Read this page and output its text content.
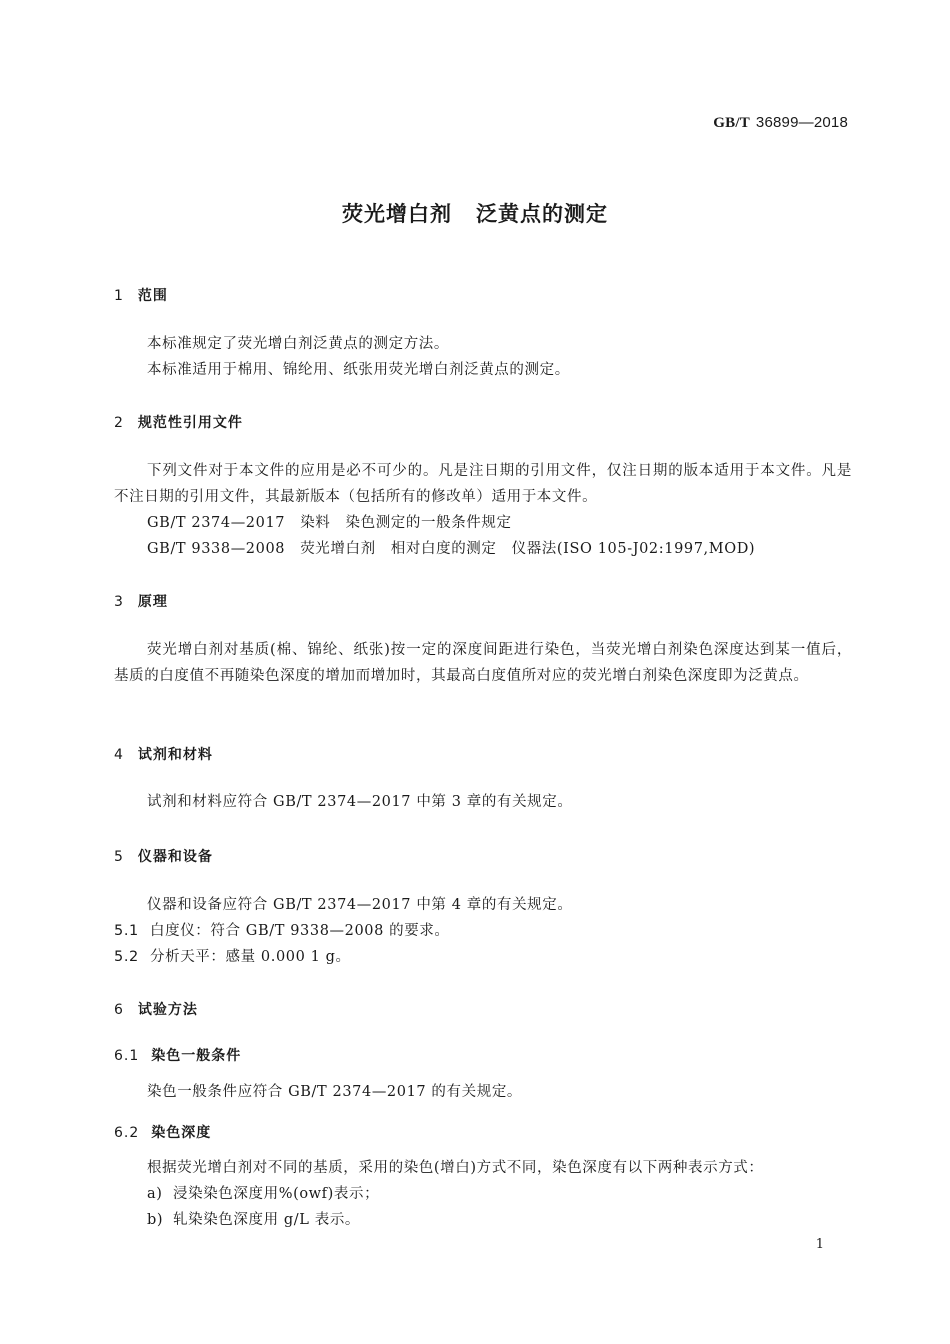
GB/T 36899—2018
荧光增白剂 泛黄点的测定
1 范围
本标准规定了荧光增白剂泛黄点的测定方法。
本标准适用于棉用、锦纶用、纸张用荧光增白剂泛黄点的测定。
2 规范性引用文件
下列文件对于本文件的应用是必不可少的。凡是注日期的引用文件，仅注日期的版本适用于本文件。凡是不注日期的引用文件，其最新版本（包括所有的修改单）适用于本文件。
GB/T 2374—2017　染料　染色测定的一般条件规定
GB/T 9338—2008　荧光增白剂　相对白度的测定　仪器法(ISO 105-J02:1997,MOD)
3 原理
荧光增白剂对基质(棉、锦纶、纸张)按一定的深度间距进行染色，当荧光增白剂染色深度达到某一值后，基质的白度值不再随染色深度的增加而增加时，其最高白度值所对应的荧光增白剂染色深度即为泛黄点。
4 试剂和材料
试剂和材料应符合 GB/T 2374—2017 中第 3 章的有关规定。
5 仪器和设备
仪器和设备应符合 GB/T 2374—2017 中第 4 章的有关规定。
5.1 白度仪：符合 GB/T 9338—2008 的要求。
5.2 分析天平：感量 0.000 1 g。
6 试验方法
6.1 染色一般条件
染色一般条件应符合 GB/T 2374—2017 的有关规定。
6.2 染色深度
根据荧光增白剂对不同的基质，采用的染色(增白)方式不同，染色深度有以下两种表示方式：
a) 浸染染色深度用%(owf)表示；
b) 轧染染色深度用 g/L 表示。
1
